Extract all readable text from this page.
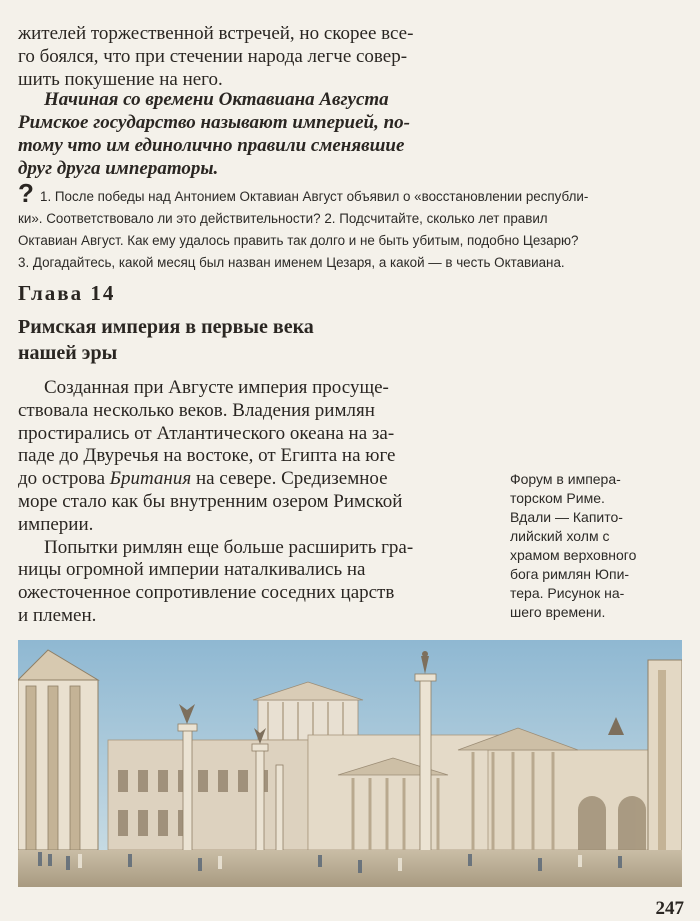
жителей торжественной встречей, но скорее все-
го боялся, что при стечении народа легче совер-
шить покушение на него.
Начиная со времени Октавиана Августа
Римское государство называют империей, по-
тому что им единолично правили сменявшие
друг друга императоры.
? 1. После победы над Антонием Октавиан Август объявил о «восстановлении республи-
ки». Соответствовало ли это действительности? 2. Подсчитайте, сколько лет правил
Октавиан Август. Как ему удалось править так долго и не быть убитым, подобно Цезарю?
3. Догадайтесь, какой месяц был назван именем Цезаря, а какой — в честь Октавиана.
Глава 14
Римская империя в первые века
нашей эры
Созданная при Августе империя просуще-
ствовала несколько веков. Владения римлян
простирались от Атлантического океана на за-
паде до Двуречья на востоке, от Египта на юге
до острова Британия на севере. Средиземное
море стало как бы внутренним озером Римской
империи.
Попытки римлян еще больше расширить гра-
ницы огромной империи наталкивались на
ожесточенное сопротивление соседних царств
и племен.
Форум в импера-
торском Риме.
Вдали — Капито-
лийский холм с
храмом верховного
бога римлян Юпи-
тера. Рисунок на-
шего времени.
247
